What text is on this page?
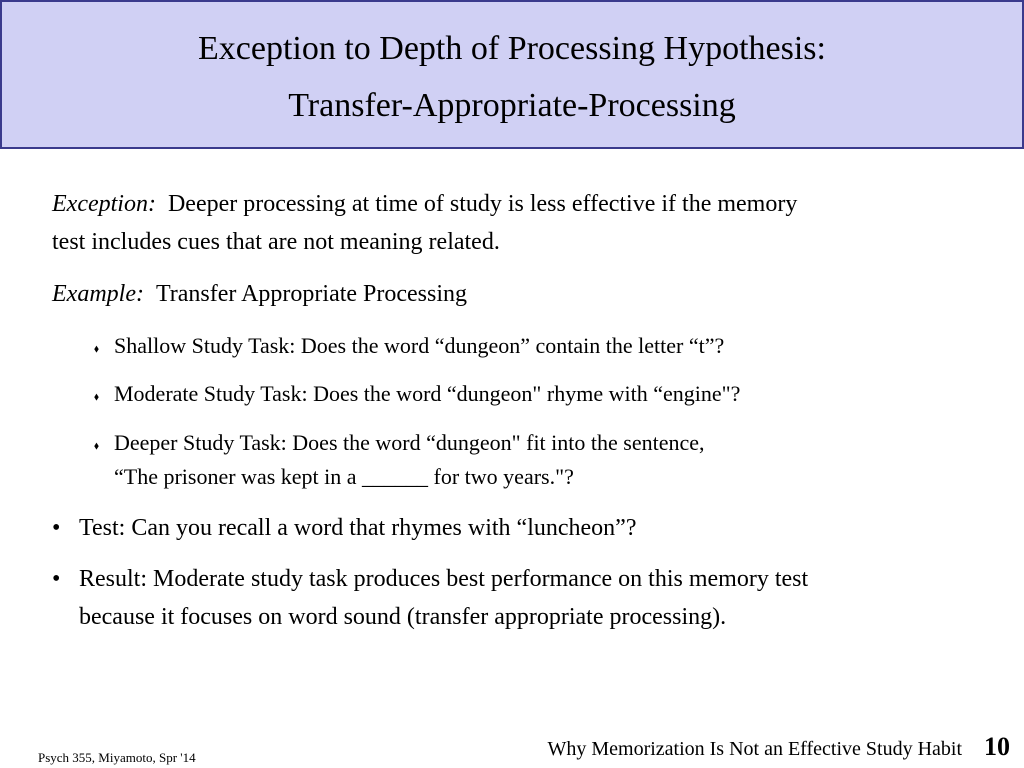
Exception to Depth of Processing Hypothesis:
Transfer-Appropriate-Processing
Exception: Deeper processing at time of study is less effective if the memory
test includes cues that are not meaning related.
Example: Transfer Appropriate Processing
⬧ Shallow Study Task: Does the word “dungeon” contain the letter “t”?
⬧ Moderate Study Task: Does the word “dungeon" rhyme with “engine"?
⬧ Deeper Study Task: Does the word “dungeon" fit into the sentence,
“The prisoner was kept in a ______ for two years."?
• Test: Can you recall a word that rhymes with “luncheon”?
• Result: Moderate study task produces best performance on this memory test
because it focuses on word sound (transfer appropriate processing).
Psych 355, Miyamoto, Spr '14	Why Memorization Is Not an Effective Study Habit 10
